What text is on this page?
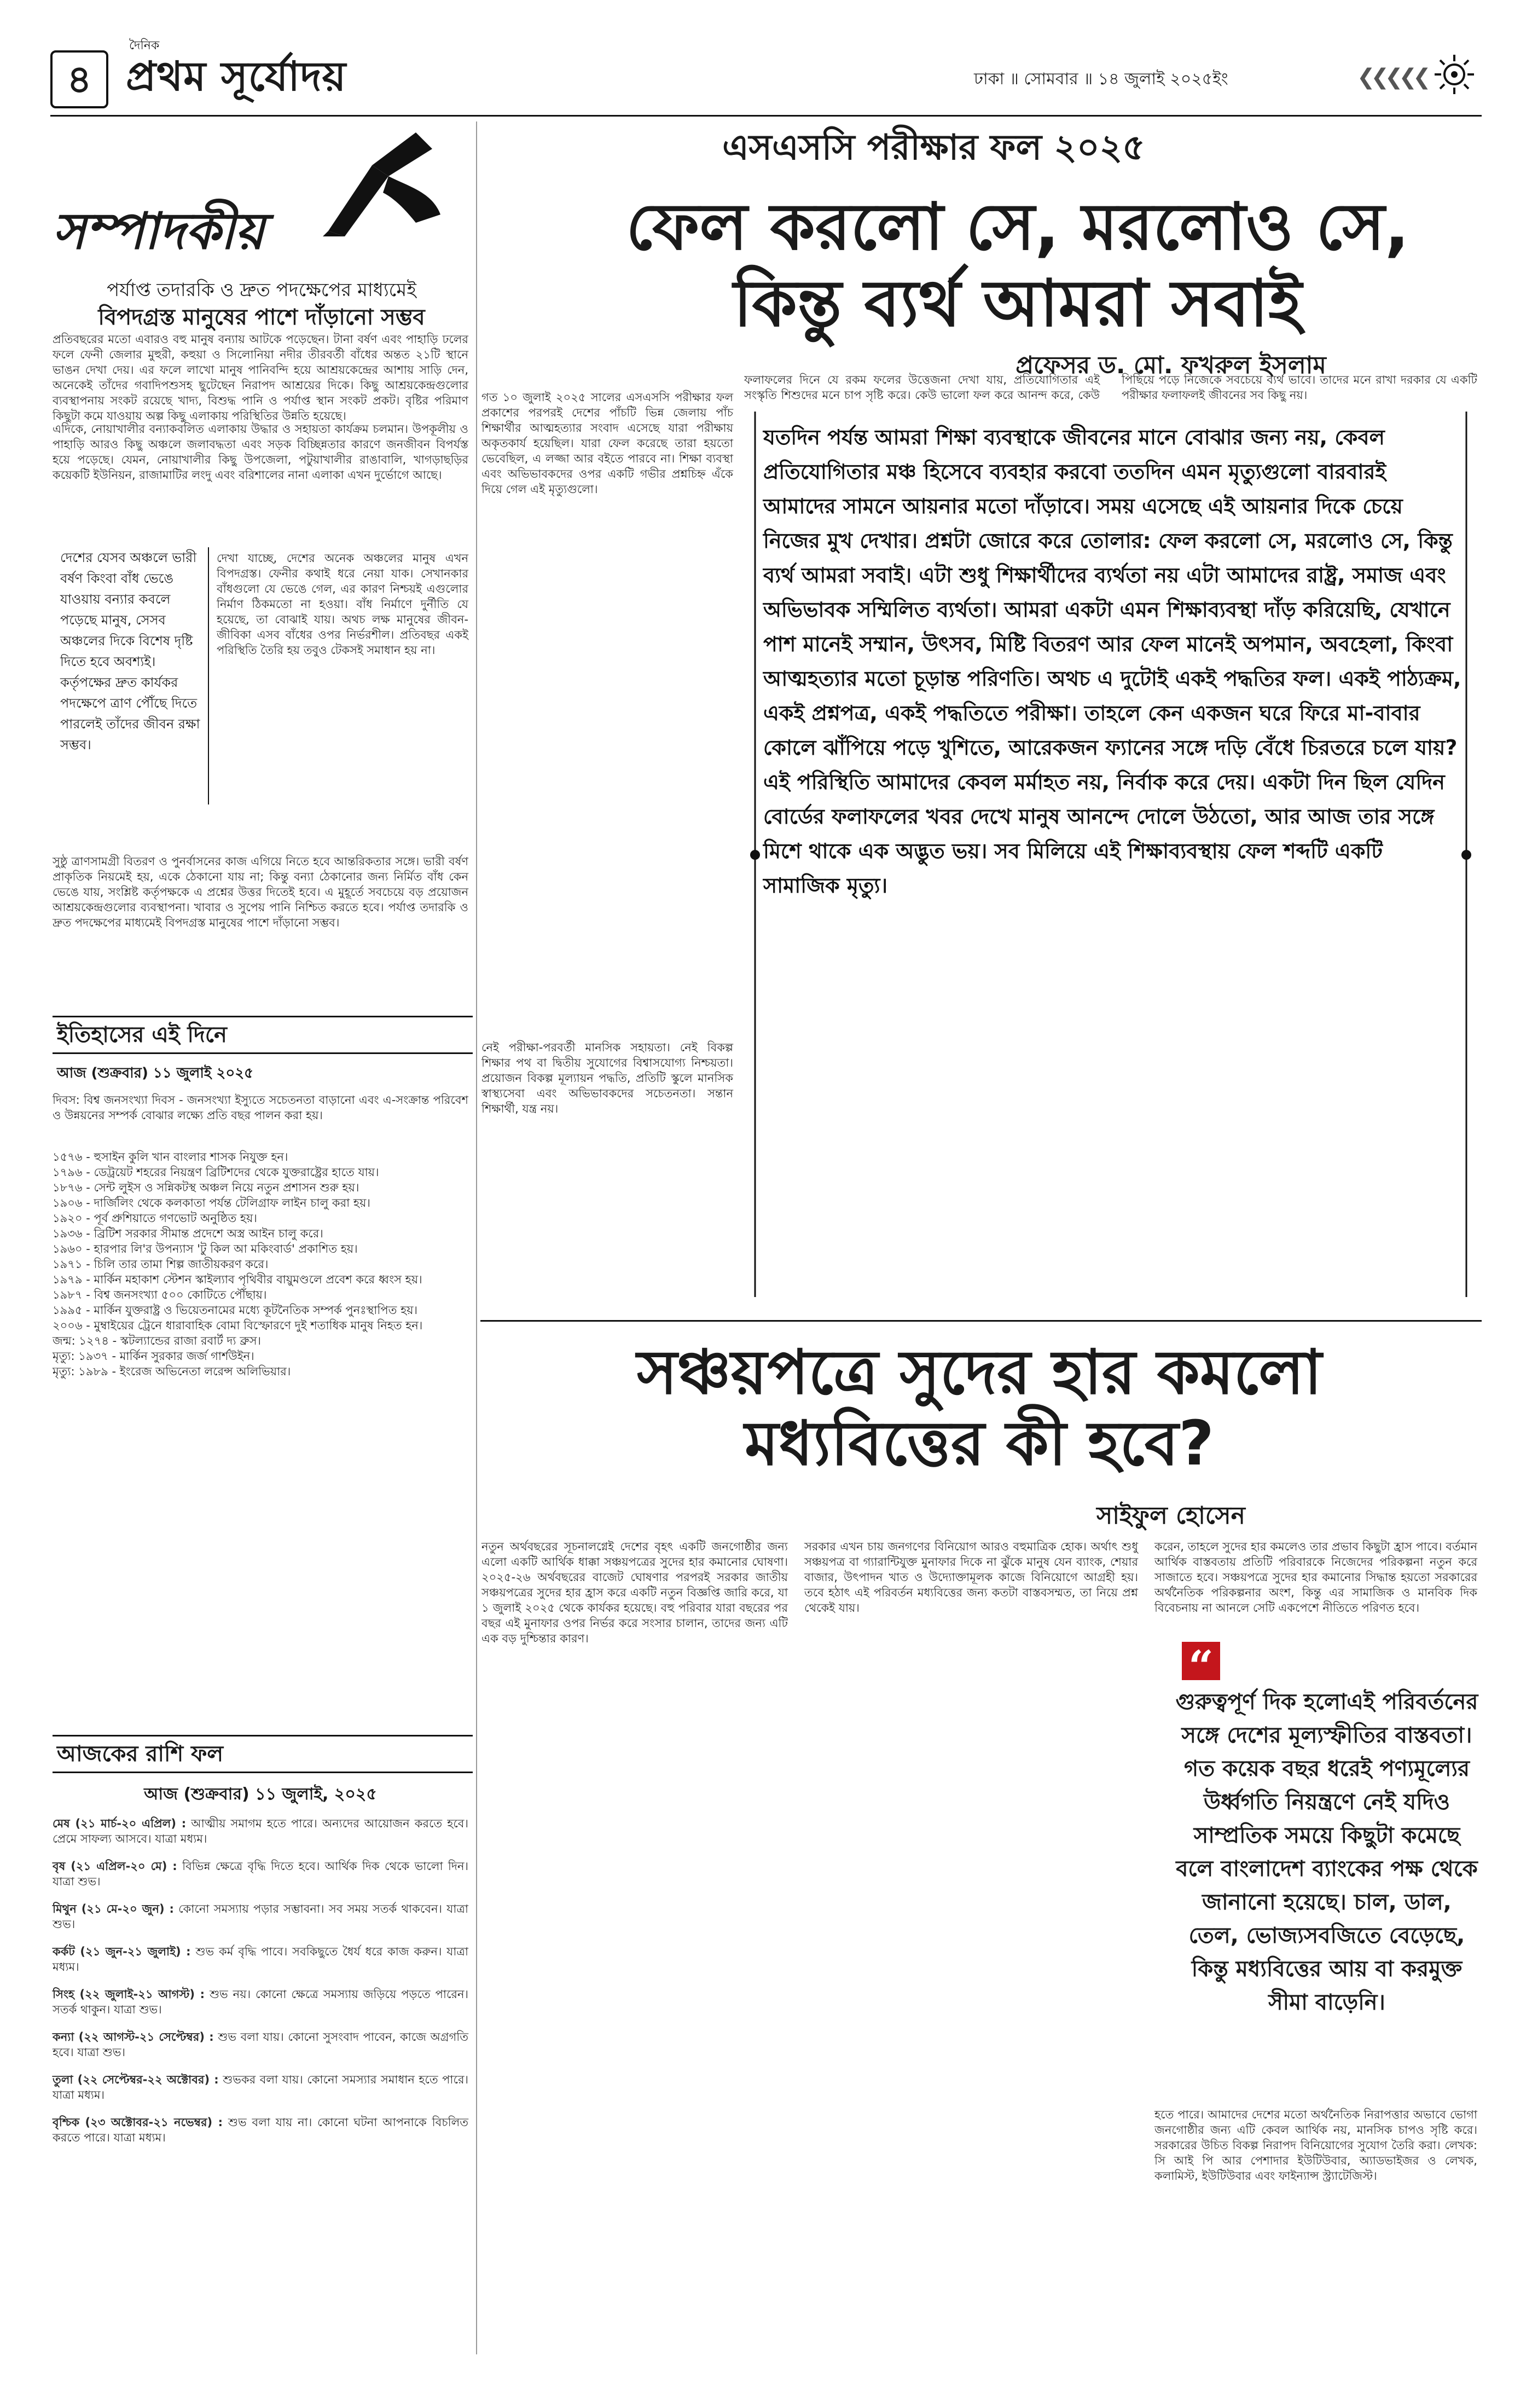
৪
দৈনিক
প্রথম সূর্যোদয়	ঢাকা ॥ সোমবার ॥ ১৪ জুলাই ২০২৫ইং	❮❮❮❮❮
সম্পাদকীয়
পর্যাপ্ত তদারকি ও দ্রুত পদক্ষেপের মাধ্যমেই
বিপদগ্রস্ত মানুষের পাশে দাঁড়ানো সম্ভব
প্রতিবছরের মতো এবারও বহু মানুষ বন্যায় আটকে পড়েছেন। টানা বর্ষণ এবং পাহাড়ি ঢলের ফলে ফেনী জেলার মুহুরী, কহুয়া ও সিলোনিয়া নদীর তীরবর্তী বাঁধের অন্তত ২১টি স্থানে ভাঙন দেখা দেয়। এর ফলে লাখো মানুষ পানিবন্দি হয়ে আশ্রয়কেন্দ্রের আশায় সাড়ি দেন, অনেকেই তাঁদের গবাদিপশুসহ ছুটেছেন নিরাপদ আশ্রয়ের দিকে। কিছু আশ্রয়কেন্দ্রগুলোর ব্যবস্থাপনায় সংকট রয়েছে খাদ্য, বিশুদ্ধ পানি ও পর্যাপ্ত স্থান সংকট প্রকট। বৃষ্টির পরিমাণ কিছুটা কমে যাওয়ায় অল্প কিছু এলাকায় পরিস্থিতির উন্নতি হয়েছে।
এদিকে, নোয়াখালীর বন্যাকবলিত এলাকায় উদ্ধার ও সহায়তা কার্যক্রম চলমান। উপকূলীয় ও পাহাড়ি আরও কিছু অঞ্চলে জলাবদ্ধতা এবং সড়ক বিচ্ছিন্নতার কারণে জনজীবন বিপর্যস্ত হয়ে পড়েছে। যেমন, নোয়াখালীর কিছু উপজেলা, পটুয়াখালীর রাঙাবালি, খাগড়াছড়ির কয়েকটি ইউনিয়ন, রাজামাটির লংদু এবং বরিশালের নানা এলাকা এখন দুর্ভোগে আছে।
দেশের যেসব অঞ্চলে ভারী বর্ষণ কিংবা বাঁধ ভেঙে যাওয়ায় বন্যার কবলে পড়েছে মানুষ, সেসব অঞ্চলের দিকে বিশেষ দৃষ্টি দিতে হবে অবশ্যই। কর্তৃপক্ষের দ্রুত কার্যকর পদক্ষেপে ত্রাণ পৌঁছে দিতে পারলেই তাঁদের জীবন রক্ষা সম্ভব।
দেখা যাচ্ছে, দেশের অনেক অঞ্চলের মানুষ এখন বিপদগ্রস্ত। ফেনীর কথাই ধরে নেয়া যাক। সেখানকার বাঁধগুলো যে ভেঙে গেল, এর কারণ নিশ্চয়ই এগুলোর নির্মাণ ঠিকমতো না হওয়া। বাঁধ নির্মাণে দুর্নীতি যে হয়েছে, তা বোঝাই যায়। অথচ লক্ষ মানুষের জীবন-জীবিকা এসব বাঁধের ওপর নির্ভরশীল। প্রতিবছর একই পরিস্থিতি তৈরি হয় তবুও টেকসই সমাধান হয় না।
সুষ্ঠু ত্রাণসামগ্রী বিতরণ ও পুনর্বাসনের কাজ এগিয়ে নিতে হবে আন্তরিকতার সঙ্গে। ভারী বর্ষণ প্রাকৃতিক নিয়মেই হয়, একে ঠেকানো যায় না; কিন্তু বন্যা ঠেকানোর জন্য নির্মিত বাঁধ কেন ভেঙে যায়, সংশ্লিষ্ট কর্তৃপক্ষকে এ প্রশ্নের উত্তর দিতেই হবে। এ মুহূর্তে সবচেয়ে বড় প্রয়োজন আশ্রয়কেন্দ্রগুলোর ব্যবস্থাপনা। খাবার ও সুপেয় পানি নিশ্চিত করতে হবে। পর্যাপ্ত তদারকি ও দ্রুত পদক্ষেপের মাধ্যমেই বিপদগ্রস্ত মানুষের পাশে দাঁড়ানো সম্ভব।
ইতিহাসের এই দিনে
আজ (শুক্রবার) ১১ জুলাই ২০২৫
দিবস: বিশ্ব জনসংখ্যা দিবস - জনসংখ্যা ইস্যুতে সচেতনতা বাড়ানো এবং এ-সংক্রান্ত পরিবেশ ও উন্নয়নের সম্পর্ক বোঝার লক্ষ্যে প্রতি বছর পালন করা হয়।
১৫৭৬ - হুসাইন কুলি খান বাংলার শাসক নিযুক্ত হন।
১৭৯৬ - ডেট্রয়েট শহরের নিয়ন্ত্রণ ব্রিটিশদের থেকে যুক্তরাষ্ট্রের হাতে যায়।
১৮৭৬ - সেন্ট লুইস ও সন্নিকটস্থ অঞ্চল নিয়ে নতুন প্রশাসন শুরু হয়।
১৯০৬ - দার্জিলিং থেকে কলকাতা পর্যন্ত টেলিগ্রাফ লাইন চালু করা হয়।
১৯২০ - পূর্ব প্রুশিয়াতে গণভোট অনুষ্ঠিত হয়।
১৯৩৬ - ব্রিটিশ সরকার সীমান্ত প্রদেশে অস্ত্র আইন চালু করে।
১৯৬০ - হারপার লি'র উপন্যাস 'টু কিল আ মকিংবার্ড' প্রকাশিত হয়।
১৯৭১ - চিলি তার তামা শিল্প জাতীয়করণ করে।
১৯৭৯ - মার্কিন মহাকাশ স্টেশন স্কাইল্যাব পৃথিবীর বায়ুমণ্ডলে প্রবেশ করে ধ্বংস হয়।
১৯৮৭ - বিশ্ব জনসংখ্যা ৫০০ কোটিতে পৌঁছায়।
১৯৯৫ - মার্কিন যুক্তরাষ্ট্র ও ভিয়েতনামের মধ্যে কূটনৈতিক সম্পর্ক পুনঃস্থাপিত হয়।
২০০৬ - মুম্বাইয়ের ট্রেনে ধারাবাহিক বোমা বিস্ফোরণে দুই শতাধিক মানুষ নিহত হন।
জন্ম: ১২৭৪ - স্কটল্যান্ডের রাজা রবার্ট দ্য ব্রুস।
মৃত্যু: ১৯৩৭ - মার্কিন সুরকার জর্জ গার্শউইন।
মৃত্যু: ১৯৮৯ - ইংরেজ অভিনেতা লরেন্স অলিভিয়ার।
আজকের রাশি ফল
আজ (শুক্রবার) ১১ জুলাই, ২০২৫
মেষ (২১ মার্চ-২০ এপ্রিল) : আত্মীয় সমাগম হতে পারে। অন্যদের আয়োজন করতে হবে। প্রেমে সাফল্য আসবে। যাত্রা মধ্যম।
বৃষ (২১ এপ্রিল-২০ মে) : বিভিন্ন ক্ষেত্রে বৃদ্ধি দিতে হবে। আর্থিক দিক থেকে ভালো দিন। যাত্রা শুভ।
মিথুন (২১ মে-২০ জুন) : কোনো সমস্যায় পড়ার সম্ভাবনা। সব সময় সতর্ক থাকবেন। যাত্রা শুভ।
কর্কট (২১ জুন-২১ জুলাই) : শুভ কর্ম বৃদ্ধি পাবে। সবকিছুতে ধৈর্য ধরে কাজ করুন। যাত্রা মধ্যম।
সিংহ (২২ জুলাই-২১ আগস্ট) : শুভ নয়। কোনো ক্ষেত্রে সমস্যায় জড়িয়ে পড়তে পারেন। সতর্ক থাকুন। যাত্রা শুভ।
কন্যা (২২ আগস্ট-২১ সেপ্টেম্বর) : শুভ বলা যায়। কোনো সুসংবাদ পাবেন, কাজে অগ্রগতি হবে। যাত্রা শুভ।
তুলা (২২ সেপ্টেম্বর-২২ অক্টোবর) : শুভকর বলা যায়। কোনো সমস্যার সমাধান হতে পারে। যাত্রা মধ্যম।
বৃশ্চিক (২৩ অক্টোবর-২১ নভেম্বর) : শুভ বলা যায় না। কোনো ঘটনা আপনাকে বিচলিত করতে পারে। যাত্রা মধ্যম।
এসএসসি পরীক্ষার ফল ২০২৫
ফেল করলো সে, মরলোও সে,
কিন্তু ব্যর্থ আমরা সবাই
প্রফেসর ড. মো. ফখরুল ইসলাম
গত ১০ জুলাই ২০২৫ সালের এসএসসি পরীক্ষার ফল প্রকাশের পরপরই দেশের পাঁচটি ভিন্ন জেলায় পাঁচ শিক্ষার্থীর আত্মহত্যার সংবাদ এসেছে যারা পরীক্ষায় অকৃতকার্য হয়েছিল। যারা ফেল করেছে তারা হয়তো ভেবেছিল, এ লজ্জা আর বইতে পারবে না। শিক্ষা ব্যবস্থা এবং অভিভাবকদের ওপর একটি গভীর প্রশ্নচিহ্ন এঁকে দিয়ে গেল এই মৃত্যুগুলো।
ফলাফলের দিনে যে রকম ফলের উত্তেজনা দেখা যায়, প্রতিযোগিতার এই সংস্কৃতি শিশুদের মনে চাপ সৃষ্টি করে। কেউ ভালো ফল করে আনন্দ করে, কেউ পিছিয়ে পড়ে নিজেকে সবচেয়ে ব্যর্থ ভাবে। তাদের মনে রাখা দরকার যে একটি পরীক্ষার ফলাফলই জীবনের সব কিছু নয়।
যতদিন পর্যন্ত আমরা শিক্ষা ব্যবস্থাকে জীবনের মানে বোঝার জন্য নয়, কেবল প্রতিযোগিতার মঞ্চ হিসেবে ব্যবহার করবো ততদিন এমন মৃত্যুগুলো বারবারই আমাদের সামনে আয়নার মতো দাঁড়াবে। সময় এসেছে এই আয়নার দিকে চেয়ে নিজের মুখ দেখার। প্রশ্নটা জোরে করে তোলার: ফেল করলো সে, মরলোও সে, কিন্তু ব্যর্থ আমরা সবাই। এটা শুধু শিক্ষার্থীদের ব্যর্থতা নয় এটা আমাদের রাষ্ট্র, সমাজ এবং অভিভাবক সম্মিলিত ব্যর্থতা। আমরা একটা এমন শিক্ষাব্যবস্থা দাঁড় করিয়েছি, যেখানে পাশ মানেই সম্মান, উৎসব, মিষ্টি বিতরণ আর ফেল মানেই অপমান, অবহেলা, কিংবা আত্মহত্যার মতো চূড়ান্ত পরিণতি। অথচ এ দুটোই একই পদ্ধতির ফল। একই পাঠ্যক্রম, একই প্রশ্নপত্র, একই পদ্ধতিতে পরীক্ষা। তাহলে কেন একজন ঘরে ফিরে মা-বাবার কোলে ঝাঁপিয়ে পড়ে খুশিতে, আরেকজন ফ্যানের সঙ্গে দড়ি বেঁধে চিরতরে চলে যায়? এই পরিস্থিতি আমাদের কেবল মর্মাহত নয়, নির্বাক করে দেয়। একটা দিন ছিল যেদিন বোর্ডের ফলাফলের খবর দেখে মানুষ আনন্দে দোলে উঠতো, আর আজ তার সঙ্গে মিশে থাকে এক অদ্ভুত ভয়। সব মিলিয়ে এই শিক্ষাব্যবস্থায় ফেল শব্দটি একটি সামাজিক মৃত্যু।
নেই পরীক্ষা-পরবর্তী মানসিক সহায়তা। নেই বিকল্প শিক্ষার পথ বা দ্বিতীয় সুযোগের বিশ্বাসযোগ্য নিশ্চয়তা। প্রয়োজন বিকল্প মূল্যায়ন পদ্ধতি, প্রতিটি স্কুলে মানসিক স্বাস্থ্যসেবা এবং অভিভাবকদের সচেতনতা। সন্তান শিক্ষার্থী, যন্ত্র নয়।
সঞ্চয়পত্রে সুদের হার কমলো
মধ্যবিত্তের কী হবে?
সাইফুল হোসেন
নতুন অর্থবছরের সূচনালগ্নেই দেশের বৃহৎ একটি জনগোষ্ঠীর জন্য এলো একটি আর্থিক ধাক্কা সঞ্চয়পত্রের সুদের হার কমানোর ঘোষণা। ২০২৫-২৬ অর্থবছরের বাজেট ঘোষণার পরপরই সরকার জাতীয় সঞ্চয়পত্রের সুদের হার হ্রাস করে একটি নতুন বিজ্ঞপ্তি জারি করে, যা ১ জুলাই ২০২৫ থেকে কার্যকর হয়েছে। বহু পরিবার যারা বছরের পর বছর এই মুনাফার ওপর নির্ভর করে সংসার চালান, তাদের জন্য এটি এক বড় দুশ্চিন্তার কারণ।
সরকার এখন চায় জনগণের বিনিয়োগ আরও বহুমাত্রিক হোক। অর্থাৎ শুধু সঞ্চয়পত্র বা গ্যারান্টিযুক্ত মুনাফার দিকে না ঝুঁকে মানুষ যেন ব্যাংক, শেয়ার বাজার, উৎপাদন খাত ও উদ্যোক্তামূলক কাজে বিনিয়োগে আগ্রহী হয়। তবে হঠাৎ এই পরিবর্তন মধ্যবিত্তের জন্য কতটা বাস্তবসম্মত, তা নিয়ে প্রশ্ন থেকেই যায়।
করেন, তাহলে সুদের হার কমলেও তার প্রভাব কিছুটা হ্রাস পাবে। বর্তমান আর্থিক বাস্তবতায় প্রতিটি পরিবারকে নিজেদের পরিকল্পনা নতুন করে সাজাতে হবে। সঞ্চয়পত্রে সুদের হার কমানোর সিদ্ধান্ত হয়তো সরকারের অর্থনৈতিক পরিকল্পনার অংশ, কিন্তু এর সামাজিক ও মানবিক দিক বিবেচনায় না আনলে সেটি একপেশে নীতিতে পরিণত হবে।
“
গুরুত্বপূর্ণ দিক হলোএই পরিবর্তনের সঙ্গে দেশের মূল্যস্ফীতির বাস্তবতা। গত কয়েক বছর ধরেই পণ্যমূল্যের উর্ধ্বগতি নিয়ন্ত্রণে নেই যদিও সাম্প্রতিক সময়ে কিছুটা কমেছে বলে বাংলাদেশ ব্যাংকের পক্ষ থেকে জানানো হয়েছে। চাল, ডাল, তেল, ভোজ্যসবজিতে বেড়েছে, কিন্তু মধ্যবিত্তের আয় বা করমুক্ত সীমা বাড়েনি।
হতে পারে। আমাদের দেশের মতো অর্থনৈতিক নিরাপত্তার অভাবে ভোগা জনগোষ্ঠীর জন্য এটি কেবল আর্থিক নয়, মানসিক চাপও সৃষ্টি করে। সরকারের উচিত বিকল্প নিরাপদ বিনিয়োগের সুযোগ তৈরি করা। লেখক: সি আই পি আর পেশাদার ইউটিউবার, অ্যাডভাইজর ও লেখক, কলামিস্ট, ইউটিউবার এবং ফাইন্যান্স স্ট্র্যাটেজিস্ট।
